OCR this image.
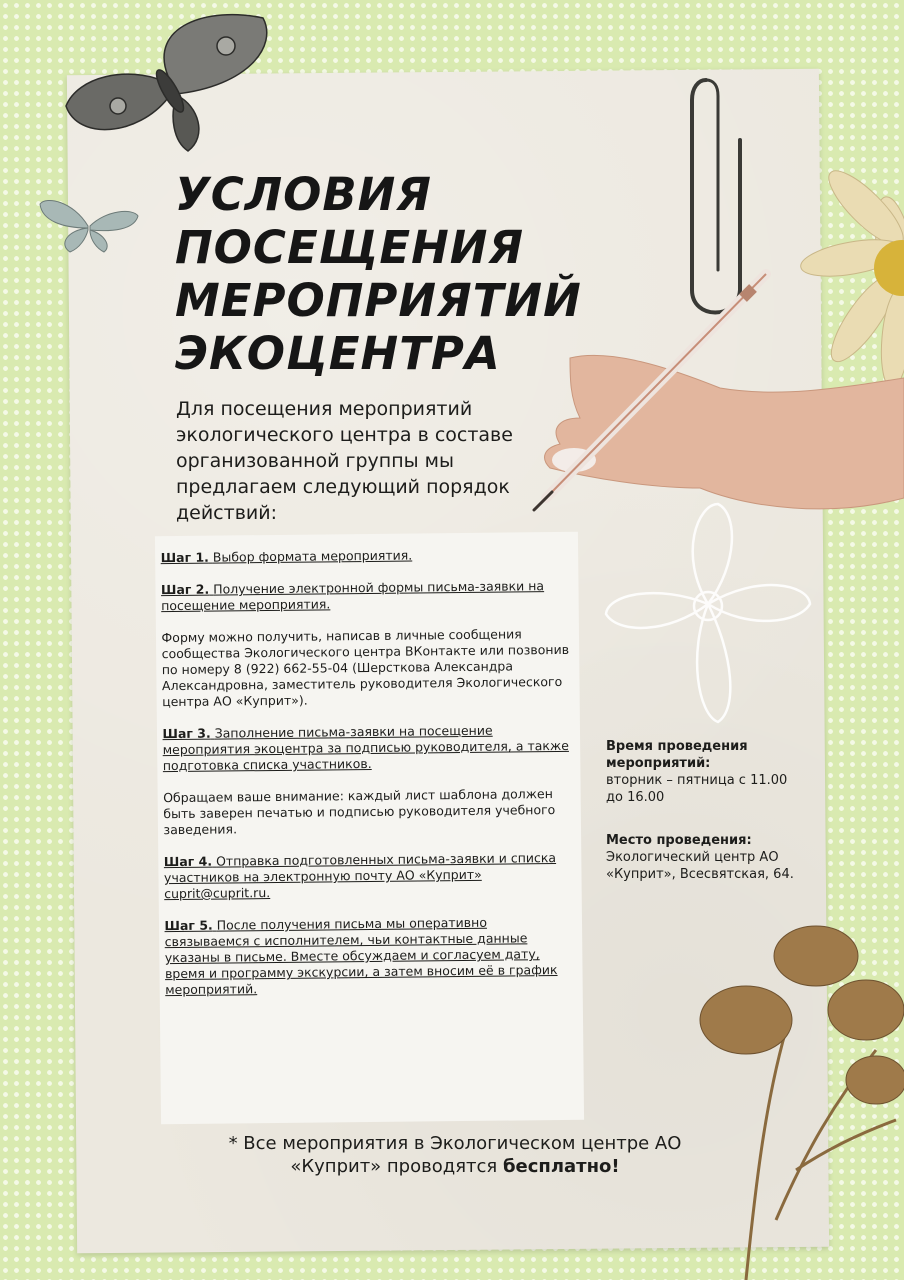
УСЛОВИЯ
ПОСЕЩЕНИЯ
МЕРОПРИЯТИЙ
ЭКОЦЕНТРА

Для посещения мероприятий экологического центра в составе организованной группы мы предлагаем следующий порядок действий:

Шаг 1. Выбор формата мероприятия.

Шаг 2. Получение электронной формы письма-заявки на посещение мероприятия.

Форму можно получить, написав в личные сообщения сообщества Экологического центра ВКонтакте или позвонив по номеру 8 (922) 662-55-04 (Шерсткова Александра Александровна, заместитель руководителя Экологического центра АО «Куприт»).

Шаг 3. Заполнение письма-заявки на посещение мероприятия экоцентра за подписью руководителя, а также подготовка списка участников.

Обращаем ваше внимание: каждый лист шаблона должен быть заверен печатью и подписью руководителя учебного заведения.

Шаг 4. Отправка подготовленных письма-заявки и списка участников на электронную почту АО «Куприт» cuprit@cuprit.ru.

Шаг 5. После получения письма мы оперативно связываемся с исполнителем, чьи контактные данные указаны в письме. Вместе обсуждаем и согласуем дату, время и программу экскурсии, а затем вносим её в график мероприятий.

Время проведения мероприятий:

вторник – пятница с 11.00 до 16.00

Место проведения:

Экологический центр АО «Куприт», Всесвятская, 64.

* Все мероприятия в Экологическом центре АО «Куприт» проводятся бесплатно!
